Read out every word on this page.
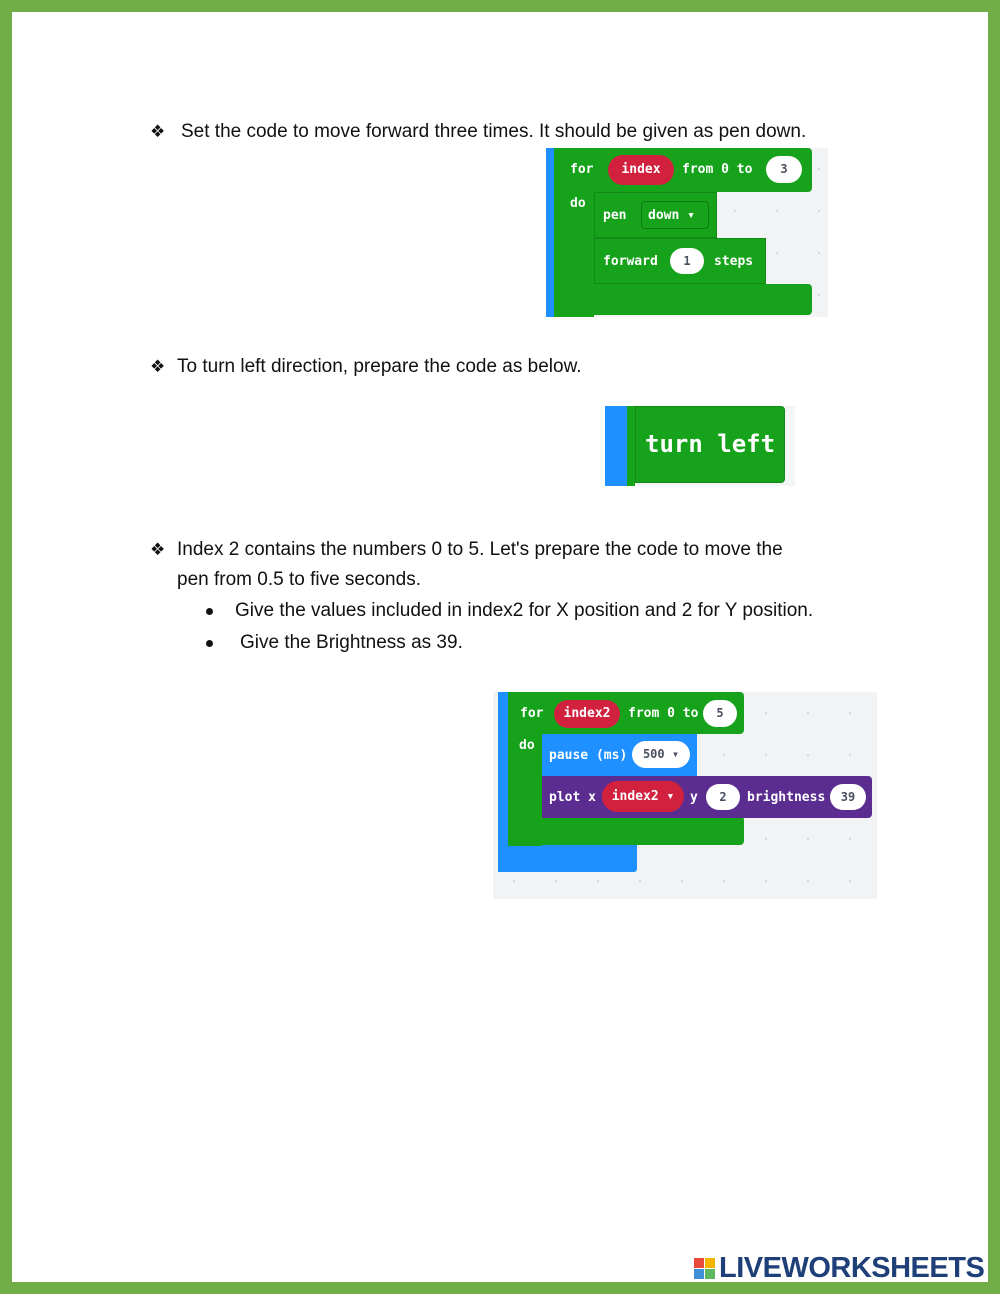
❖ Set the code to move forward three times. It should be given as pen down.
for	index	from 0 to	3
do
pen down ▾
forward	1	steps
❖ To turn left direction, prepare the code as below.
turn left
❖ Index 2 contains the numbers 0 to 5. Let's prepare the code to move the
pen from 0.5 to five seconds.
Give the values included in index2 for X position and 2 for Y position.
Give the Brightness as 39.
for	index2	from 0 to	5
do
pause (ms)	500 ▾
plot x	index2 ▾	y	2	brightness	39
LIVEWORKSHEETS
